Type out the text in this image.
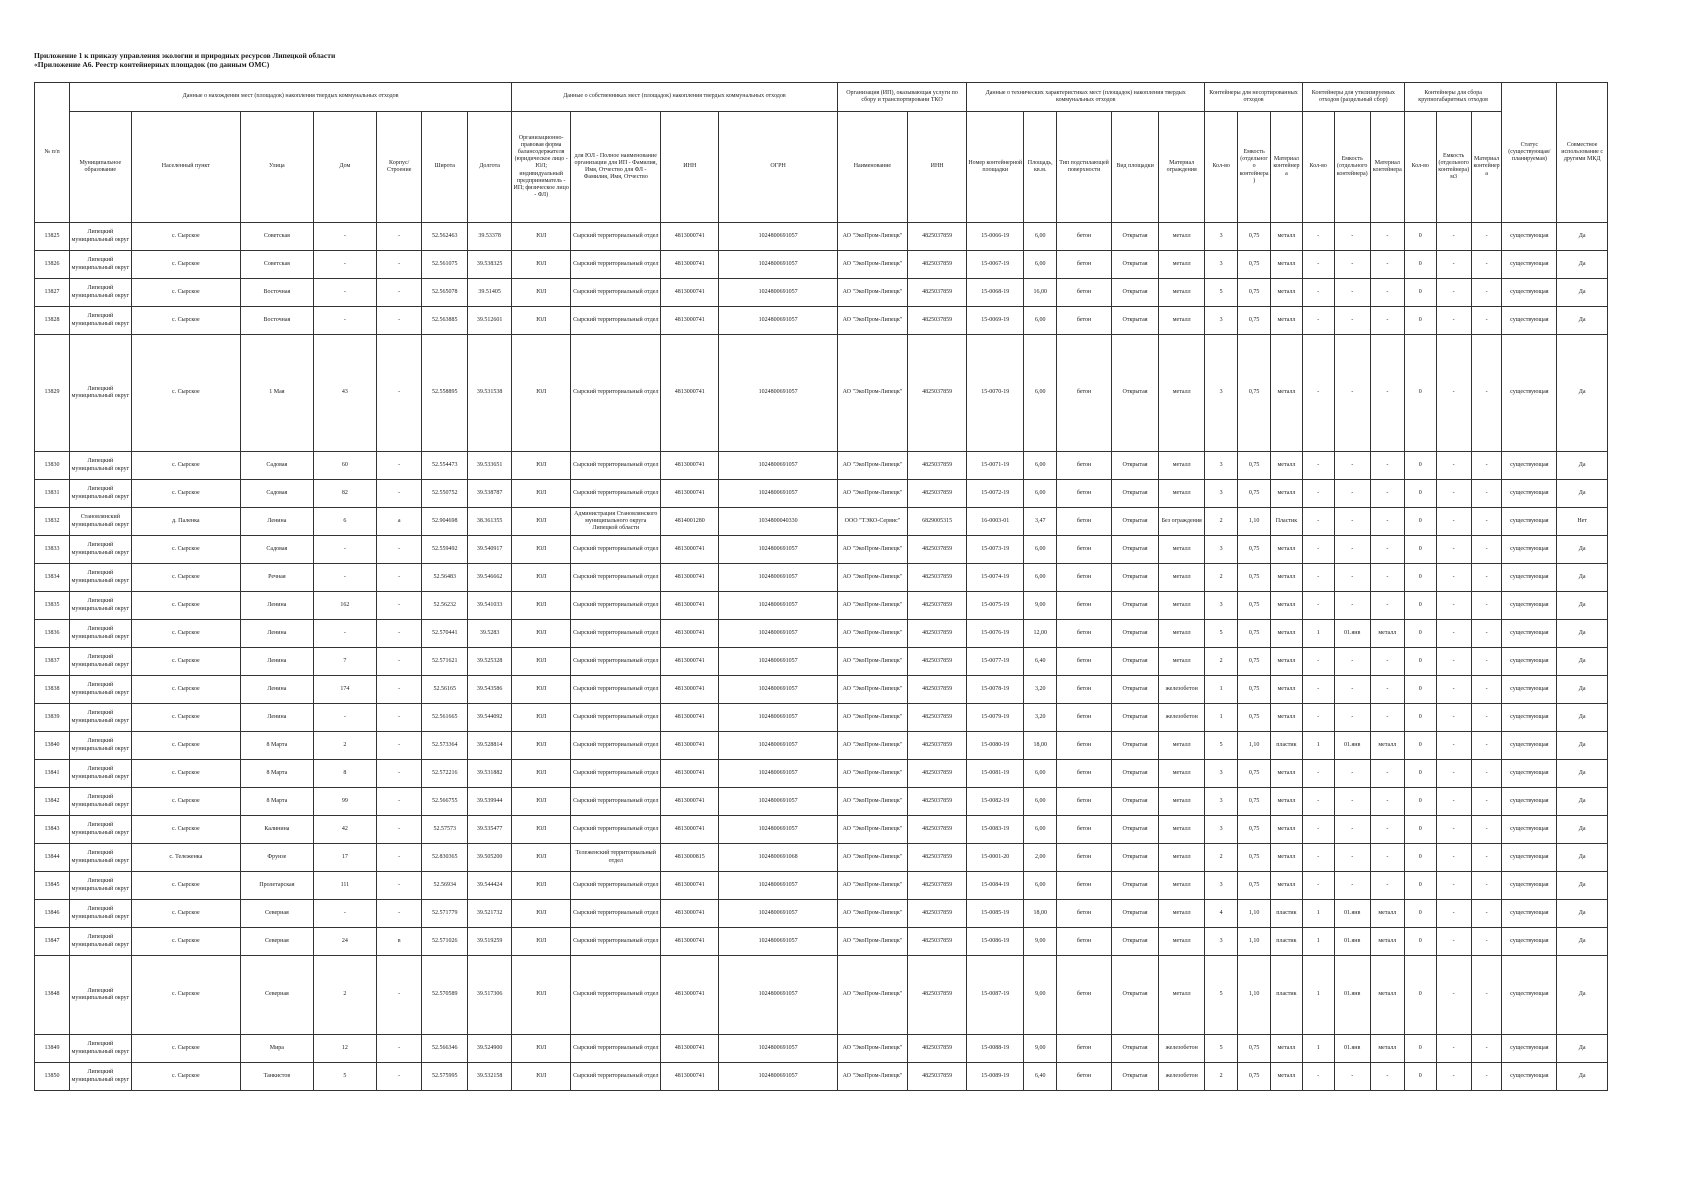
Приложение 1 к приказу управления экологии и природных ресурсов Липецкой области
«Приложение А6. Реестр контейнерных площадок (по данным ОМС)
№ п/п	Данные о нахождении мест (площадок) накопления твердых коммунальных отходов							Данные о собственниках мест (площадок) накопления твердых коммунальных отходов				Организация (ИП), оказывающая услуги по сбору и транспортировани ТКО		Данные о технических характеристиках мест (площадок) накопления твердых коммунальных отходов					Контейнеры для несортированных отходов			Контейнеры для утилизируемых отходов (раздельный сбор)			Контейнеры для сбора крупногабаритных отходов			Статус (существующая/ планируемая)	Совместное использование с другими МКД
	Муниципальное образование	Населенный пункт	Улица	Дом	Корпус/Строение	Широта	Долгота	Организационно-правовая форма балансодержателя (юридическое лицо - ЮЛ; индивидуальный предприниматель - ИП; физическое лицо - ФЛ)	для ЮЛ - Полное наименование организации для ИП - Фамилия, Имя, Отчество для ФЛ - Фамилия, Имя, Отчество	ИНН	ОГРН	Наименование	ИНН	Номер контейнерной площадки	Площадь, кв.м.	Тип подстилающей поверхности	Вид площадки	Материал ограждения	Кол-во	Емкость (отдельного контейнера)	Материал контейнера	Кол-во	Емкость (отдельного контейнера)	Материал контейнера	Кол-во	Емкость (отдельного контейнера) м3	Материал контейнера		
13825	Липецкий муниципальный округ	с. Сырское	Советская	-	-	52.562463	39.53378	ЮЛ	Сырский территориальный отдел	4813000741	1024800691057	АО "ЭкоПром-Липецк"	4825037859	15-0066-19	6,00	бетон	Открытая	металл	3	0,75	металл	-	-	-	0	-	-	существующая	Да
13826	Липецкий муниципальный округ	с. Сырское	Советская	-	-	52.561075	39.538325	ЮЛ	Сырский территориальный отдел	4813000741	1024800691057	АО "ЭкоПром-Липецк"	4825037859	15-0067-19	6,00	бетон	Открытая	металл	3	0,75	металл	-	-	-	0	-	-	существующая	Да
13827	Липецкий муниципальный округ	с. Сырское	Восточная	-	-	52.565078	39.51405	ЮЛ	Сырский территориальный отдел	4813000741	1024800691057	АО "ЭкоПром-Липецк"	4825037859	15-0068-19	16,00	бетон	Открытая	металл	5	0,75	металл	-	-	-	0	-	-	существующая	Да
13828	Липецкий муниципальный округ	с. Сырское	Восточная	-	-	52.563885	39.512601	ЮЛ	Сырский территориальный отдел	4813000741	1024800691057	АО "ЭкоПром-Липецк"	4825037859	15-0069-19	6,00	бетон	Открытая	металл	3	0,75	металл	-	-	-	0	-	-	существующая	Да
13829	Липецкий муниципальный округ	с. Сырское	1 Мая	43	-	52.558895	39.531538	ЮЛ	Сырский территориальный отдел	4813000741	1024800691057	АО "ЭкоПром-Липецк"	4825037859	15-0070-19	6,00	бетон	Открытая	металл	3	0,75	металл	-	-	-	0	-	-	существующая	Да
13830	Липецкий муниципальный округ	с. Сырское	Садовая	60	-	52.554473	39.533651	ЮЛ	Сырский территориальный отдел	4813000741	1024800691057	АО "ЭкоПром-Липецк"	4825037859	15-0071-19	6,00	бетон	Открытая	металл	3	0,75	металл	-	-	-	0	-	-	существующая	Да
13831	Липецкий муниципальный округ	с. Сырское	Садовая	82	-	52.550752	39.538787	ЮЛ	Сырский территориальный отдел	4813000741	1024800691057	АО "ЭкоПром-Липецк"	4825037859	15-0072-19	6,00	бетон	Открытая	металл	3	0,75	металл	-	-	-	0	-	-	существующая	Да
13832	Становлянский муниципальный округ	д. Паленка	Ленина	6	а	52.904698	38.361355	ЮЛ	Администрация Становлянского муниципального округа Липецкой области	4814001280	1034800040330	ООО "ТЭКО-Сервис"	6829005315	16-0003-01	3,47	бетон	Открытая	Без ограждения	2	1,10	Пластик	-	-	-	0	-	-	существующая	Нет
13833	Липецкий муниципальный округ	с. Сырское	Садовая	-	-	52.559492	39.540917	ЮЛ	Сырский территориальный отдел	4813000741	1024800691057	АО "ЭкоПром-Липецк"	4825037859	15-0073-19	6,00	бетон	Открытая	металл	3	0,75	металл	-	-	-	0	-	-	существующая	Да
13834	Липецкий муниципальный округ	с. Сырское	Речная	-	-	52.56483	39.546662	ЮЛ	Сырский территориальный отдел	4813000741	1024800691057	АО "ЭкоПром-Липецк"	4825037859	15-0074-19	6,00	бетон	Открытая	металл	2	0,75	металл	-	-	-	0	-	-	существующая	Да
13835	Липецкий муниципальный округ	с. Сырское	Ленина	162	-	52.56232	39.541033	ЮЛ	Сырский территориальный отдел	4813000741	1024800691057	АО "ЭкоПром-Липецк"	4825037859	15-0075-19	9,00	бетон	Открытая	металл	3	0,75	металл	-	-	-	0	-	-	существующая	Да
13836	Липецкий муниципальный округ	с. Сырское	Ленина	-	-	52.570441	39.5283	ЮЛ	Сырский территориальный отдел	4813000741	1024800691057	АО "ЭкоПром-Липецк"	4825037859	15-0076-19	12,00	бетон	Открытая	металл	5	0,75	металл	1	01.янв	металл	0	-	-	существующая	Да
13837	Липецкий муниципальный округ	с. Сырское	Ленина	7	-	52.571621	39.525328	ЮЛ	Сырский территориальный отдел	4813000741	1024800691057	АО "ЭкоПром-Липецк"	4825037859	15-0077-19	6,40	бетон	Открытая	металл	2	0,75	металл	-	-	-	0	-	-	существующая	Да
13838	Липецкий муниципальный округ	с. Сырское	Ленина	174	-	52.56165	39.543586	ЮЛ	Сырский территориальный отдел	4813000741	1024800691057	АО "ЭкоПром-Липецк"	4825037859	15-0078-19	3,20	бетон	Открытая	железобетон	1	0,75	металл	-	-	-	0	-	-	существующая	Да
13839	Липецкий муниципальный округ	с. Сырское	Ленина	-	-	52.561665	39.544092	ЮЛ	Сырский территориальный отдел	4813000741	1024800691057	АО "ЭкоПром-Липецк"	4825037859	15-0079-19	3,20	бетон	Открытая	железобетон	1	0,75	металл	-	-	-	0	-	-	существующая	Да
13840	Липецкий муниципальный округ	с. Сырское	8 Марта	2	-	52.573364	39.528814	ЮЛ	Сырский территориальный отдел	4813000741	1024800691057	АО "ЭкоПром-Липецк"	4825037859	15-0080-19	18,00	бетон	Открытая	металл	5	1,10	пластик	1	01.янв	металл	0	-	-	существующая	Да
13841	Липецкий муниципальный округ	с. Сырское	8 Марта	8	-	52.572216	39.531882	ЮЛ	Сырский территориальный отдел	4813000741	1024800691057	АО "ЭкоПром-Липецк"	4825037859	15-0081-19	6,00	бетон	Открытая	металл	3	0,75	металл	-	-	-	0	-	-	существующая	Да
13842	Липецкий муниципальный округ	с. Сырское	8 Марта	99	-	52.566755	39.539944	ЮЛ	Сырский территориальный отдел	4813000741	1024800691057	АО "ЭкоПром-Липецк"	4825037859	15-0082-19	6,00	бетон	Открытая	металл	3	0,75	металл	-	-	-	0	-	-	существующая	Да
13843	Липецкий муниципальный округ	с. Сырское	Калинина	42	-	52.57573	39.535477	ЮЛ	Сырский территориальный отдел	4813000741	1024800691057	АО "ЭкоПром-Липецк"	4825037859	15-0083-19	6,00	бетон	Открытая	металл	3	0,75	металл	-	-	-	0	-	-	существующая	Да
13844	Липецкий муниципальный округ	с. Тележенка	Фрунзе	17	-	52.830365	39.505200	ЮЛ	Тележенский территориальный отдел	4813000815	1024800691068	АО "ЭкоПром-Липецк"	4825037859	15-0001-20	2,00	бетон	Открытая	металл	2	0,75	металл	-	-	-	0	-	-	существующая	Да
13845	Липецкий муниципальный округ	с. Сырское	Пролетарская	111	-	52.56934	39.544424	ЮЛ	Сырский территориальный отдел	4813000741	1024800691057	АО "ЭкоПром-Липецк"	4825037859	15-0084-19	6,00	бетон	Открытая	металл	3	0,75	металл	-	-	-	0	-	-	существующая	Да
13846	Липецкий муниципальный округ	с. Сырское	Северная	-	-	52.571779	39.521732	ЮЛ	Сырский территориальный отдел	4813000741	1024800691057	АО "ЭкоПром-Липецк"	4825037859	15-0085-19	18,00	бетон	Открытая	металл	4	1,10	пластик	1	01.янв	металл	0	-	-	существующая	Да
13847	Липецкий муниципальный округ	с. Сырское	Северная	24	в	52.571026	39.519259	ЮЛ	Сырский территориальный отдел	4813000741	1024800691057	АО "ЭкоПром-Липецк"	4825037859	15-0086-19	9,00	бетон	Открытая	металл	3	1,10	пластик	1	01.янв	металл	0	-	-	существующая	Да
13848	Липецкий муниципальный округ	с. Сырское	Северная	2	-	52.570589	39.517306	ЮЛ	Сырский территориальный отдел	4813000741	1024800691057	АО "ЭкоПром-Липецк"	4825037859	15-0087-19	9,00	бетон	Открытая	металл	5	1,10	пластик	1	01.янв	металл	0	-	-	существующая	Да
13849	Липецкий муниципальный округ	с. Сырское	Мира	12	-	52.566346	39.524900	ЮЛ	Сырский территориальный отдел	4813000741	1024800691057	АО "ЭкоПром-Липецк"	4825037859	15-0088-19	9,00	бетон	Открытая	железобетон	5	0,75	металл	1	01.янв	металл	0	-	-	существующая	Да
13850	Липецкий муниципальный округ	с. Сырское	Танкистов	5	-	52.575995	39.532158	ЮЛ	Сырский территориальный отдел	4813000741	1024800691057	АО "ЭкоПром-Липецк"	4825037859	15-0089-19	6,40	бетон	Открытая	железобетон	2	0,75	металл	-	-	-	0	-	-	существующая	Да
